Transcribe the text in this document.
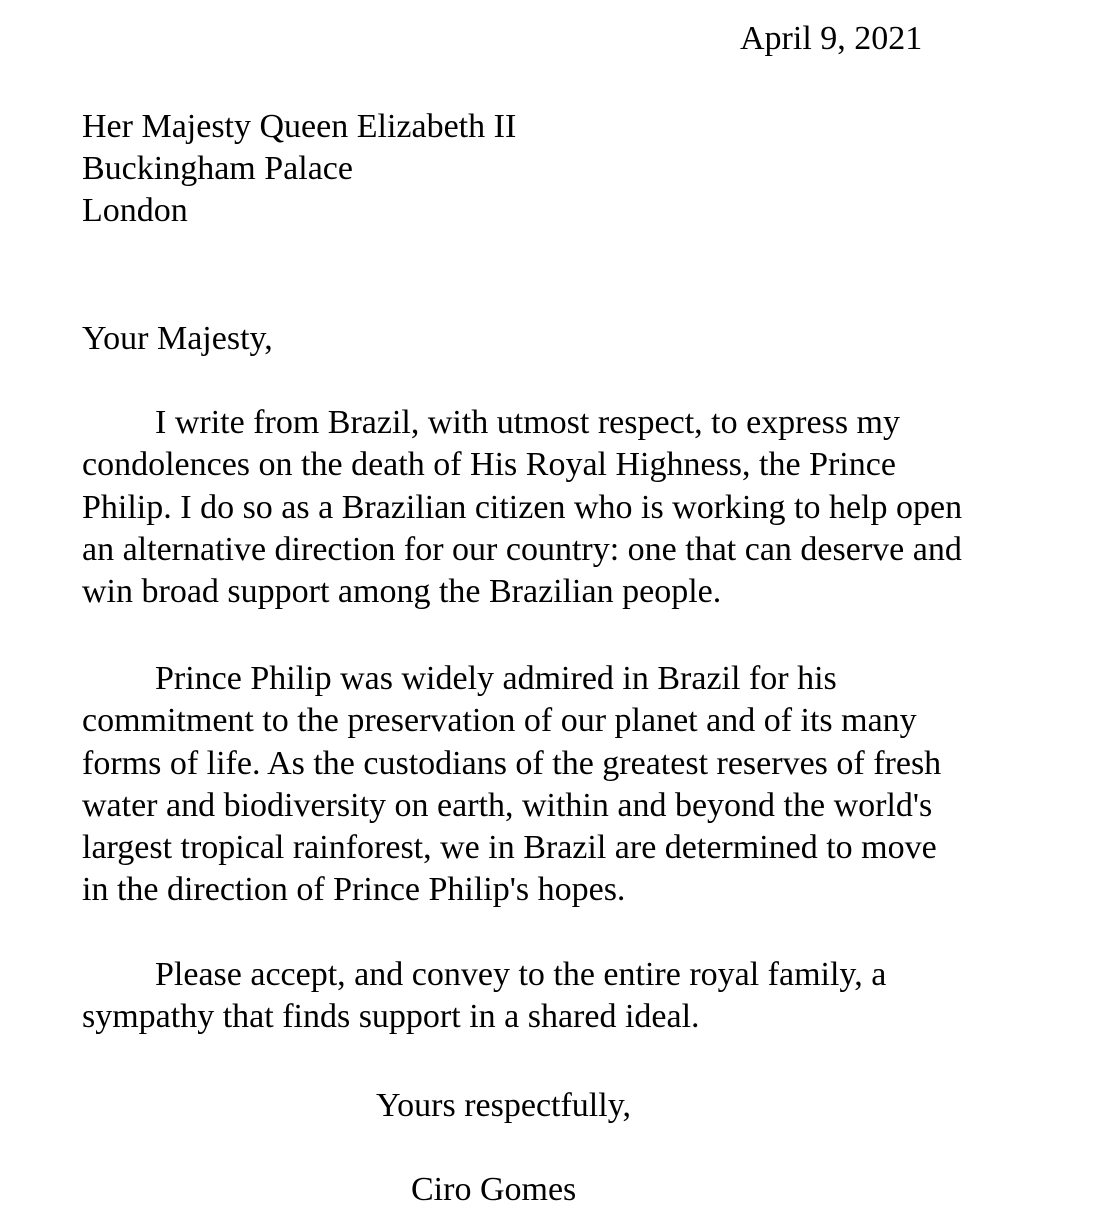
April 9, 2021

Her Majesty Queen Elizabeth II

Buckingham Palace

London

Your Majesty,

I write from Brazil, with utmost respect, to express my
condolences on the death of His Royal Highness, the Prince
Philip. I do so as a Brazilian citizen who is working to help open
an alternative direction for our country: one that can deserve and
win broad support among the Brazilian people.
Prince Philip was widely admired in Brazil for his
commitment to the preservation of our planet and of its many
forms of life. As the custodians of the greatest reserves of fresh
water and biodiversity on earth, within and beyond the world's
largest tropical rainforest, we in Brazil are determined to move
in the direction of Prince Philip's hopes.
Please accept, and convey to the entire royal family, a
sympathy that finds support in a shared ideal.

Yours respectfully,

Ciro Gomes
